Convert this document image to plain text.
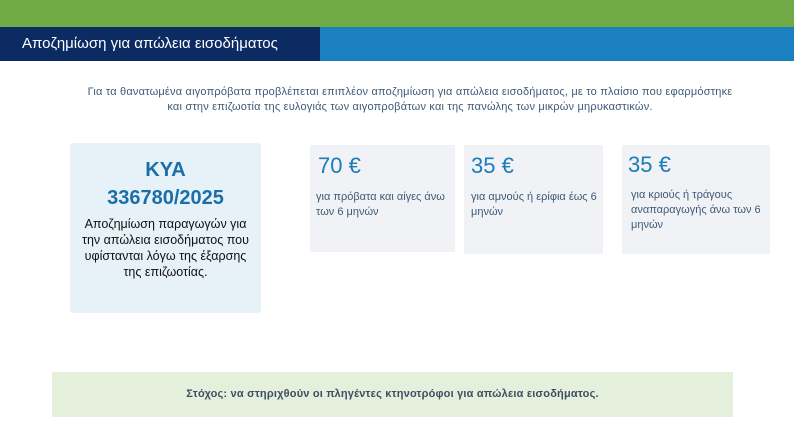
Αποζημίωση για απώλεια εισοδήματος
Για τα θανατωμένα αιγοπρόβατα προβλέπεται επιπλέον αποζημίωση για απώλεια εισοδήματος, με το πλαίσιο που εφαρμόστηκε
και στην επιζωοτία της ευλογιάς των αιγοπροβάτων και της πανώλης των μικρών μηρυκαστικών.
ΚΥΑ
336780/2025
Αποζημίωση παραγωγών για την απώλεια εισοδήματος που υφίστανται λόγω της έξαρσης της επιζωοτίας.
70 €
για πρόβατα και αίγες άνω των 6 μηνών
35 €
για αμνούς ή ερίφια έως 6 μηνών
35 €
για κριούς ή τράγους αναπαραγωγής άνω των 6 μηνών
Στόχος: να στηριχθούν οι πληγέντες κτηνοτρόφοι για απώλεια εισοδήματος.
